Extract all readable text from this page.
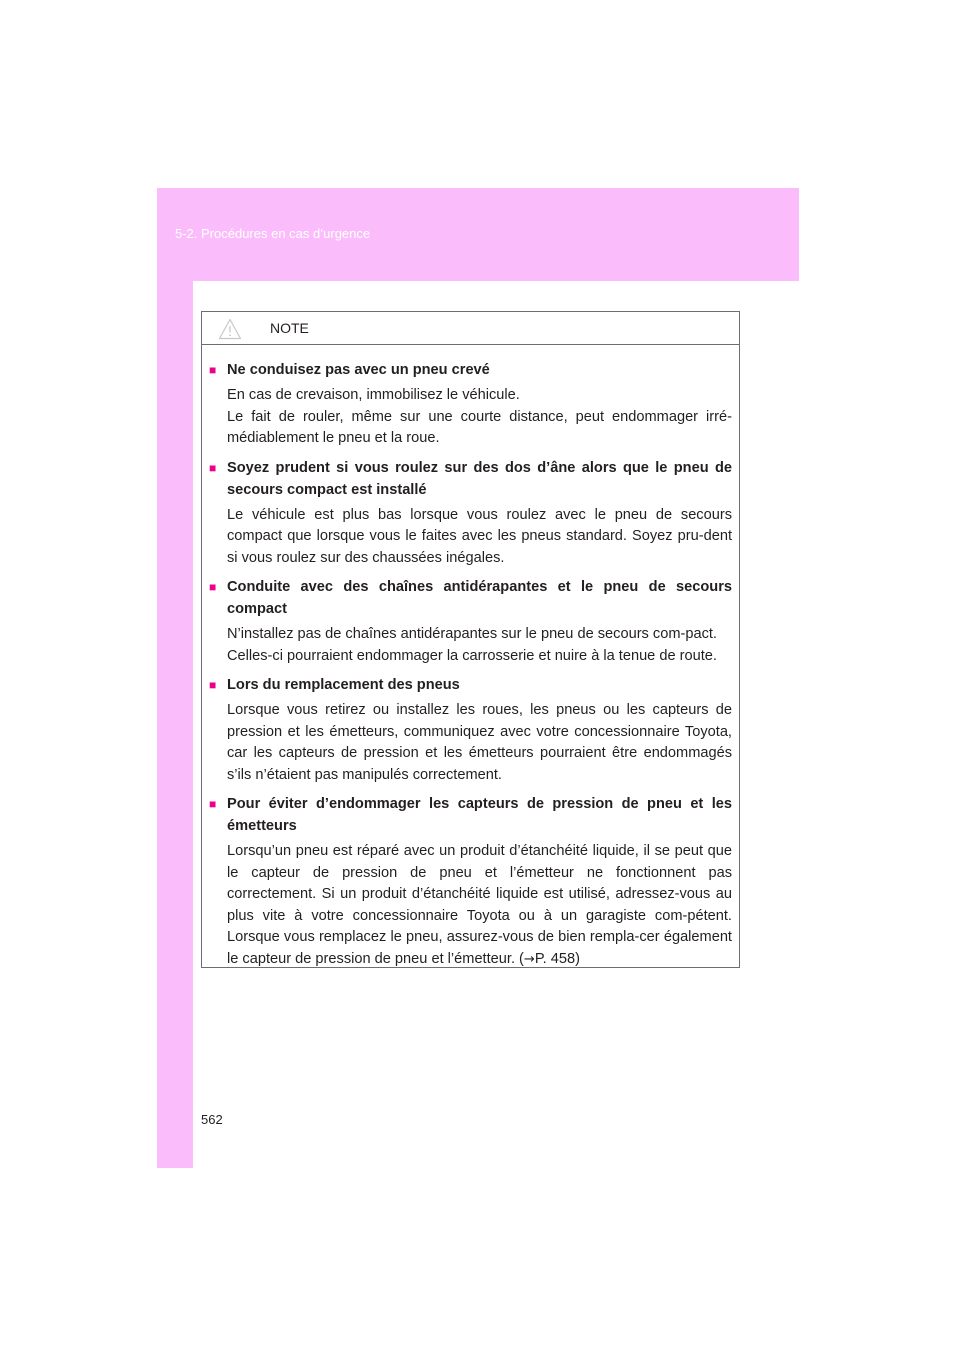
5-2. Procédures en cas d’urgence
NOTE
■ Ne conduisez pas avec un pneu crevé

En cas de crevaison, immobilisez le véhicule.

Le fait de rouler, même sur une courte distance, peut endommager irré-médiablement le pneu et la roue.

■ Soyez prudent si vous roulez sur des dos d’âne alors que le pneu de secours compact est installé

Le véhicule est plus bas lorsque vous roulez avec le pneu de secours compact que lorsque vous le faites avec les pneus standard. Soyez pru-dent si vous roulez sur des chaussées inégales.

■ Conduite avec des chaînes antidérapantes et le pneu de secours compact

N’installez pas de chaînes antidérapantes sur le pneu de secours com-pact.

Celles-ci pourraient endommager la carrosserie et nuire à la tenue de route.

■ Lors du remplacement des pneus

Lorsque vous retirez ou installez les roues, les pneus ou les capteurs de pression et les émetteurs, communiquez avec votre concessionnaire Toyota, car les capteurs de pression et les émetteurs pourraient être endommagés s’ils n’étaient pas manipulés correctement.

■ Pour éviter d’endommager les capteurs de pression de pneu et les émetteurs

Lorsqu’un pneu est réparé avec un produit d’étanchéité liquide, il se peut que le capteur de pression de pneu et l’émetteur ne fonctionnent pas correctement. Si un produit d’étanchéité liquide est utilisé, adressez-vous au plus vite à votre concessionnaire Toyota ou à un garagiste com-pétent. Lorsque vous remplacez le pneu, assurez-vous de bien rempla-cer également le capteur de pression de pneu et l’émetteur. (→P. 458)

562
